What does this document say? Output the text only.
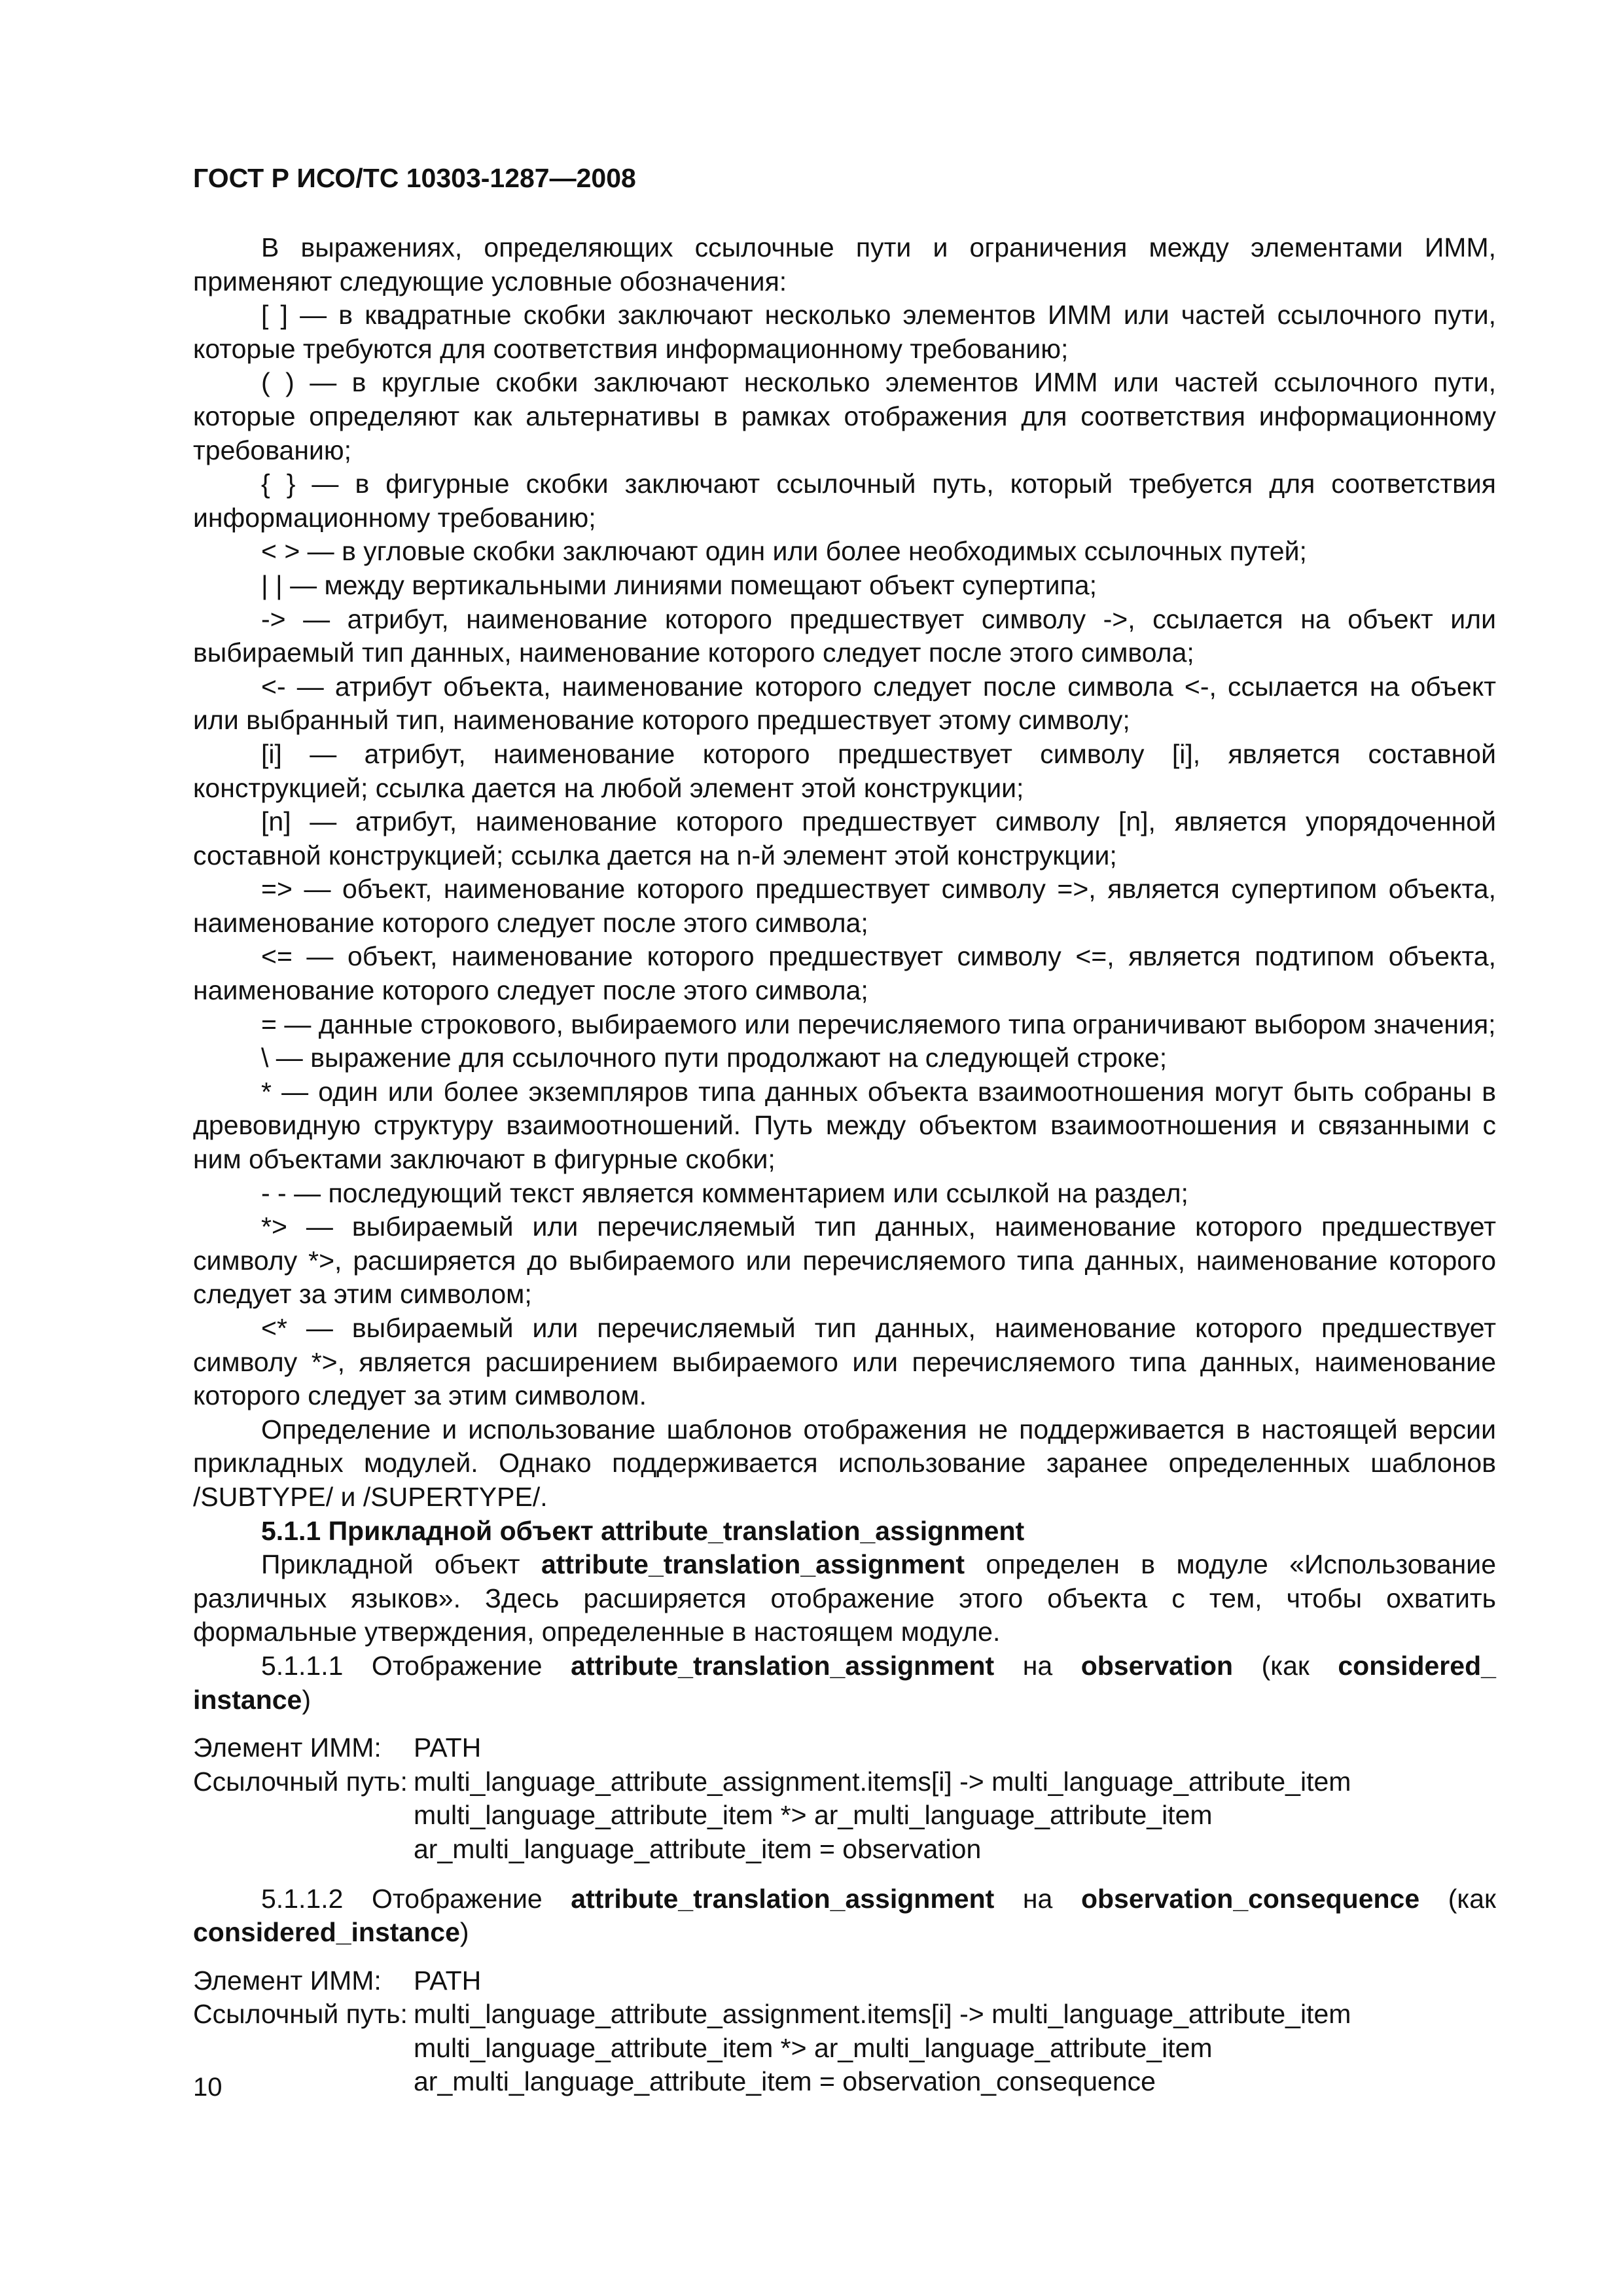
ГОСТ Р ИСО/ТС 10303-1287—2008

В выражениях, определяющих ссылочные пути и ограничения между элементами ИММ, применяют следующие условные обозначения:

[ ] — в квадратные скобки заключают несколько элементов ИММ или частей ссылочного пути, которые требуются для соответствия информационному требованию;

( ) — в круглые скобки заключают несколько элементов ИММ или частей ссылочного пути, которые определяют как альтернативы в рамках отображения для соответствия информационному требованию;

{ } — в фигурные скобки заключают ссылочный путь, который требуется для соответствия информационному требованию;

< > — в угловые скобки заключают один или более необходимых ссылочных путей;

| | — между вертикальными линиями помещают объект супертипа;

-> — атрибут, наименование которого предшествует символу ->, ссылается на объект или выбираемый тип данных, наименование которого следует после этого символа;

<- — атрибут объекта, наименование которого следует после символа <-, ссылается на объект или выбранный тип, наименование которого предшествует этому символу;

[i] — атрибут, наименование которого предшествует символу [i], является составной конструкцией; ссылка дается на любой элемент этой конструкции;

[n] — атрибут, наименование которого предшествует символу [n], является упорядоченной составной конструкцией; ссылка дается на n-й элемент этой конструкции;

=> — объект, наименование которого предшествует символу =>, является супертипом объекта, наименование которого следует после этого символа;

<= — объект, наименование которого предшествует символу <=, является подтипом объекта, наименование которого следует после этого символа;

= — данные строкового, выбираемого или перечисляемого типа ограничивают выбором значения;

\ — выражение для ссылочного пути продолжают на следующей строке;

* — один или более экземпляров типа данных объекта взаимоотношения могут быть собраны в древовидную структуру взаимоотношений. Путь между объектом взаимоотношения и связанными с ним объектами заключают в фигурные скобки;

- - — последующий текст является комментарием или ссылкой на раздел;

*> — выбираемый или перечисляемый тип данных, наименование которого предшествует символу *>, расширяется до выбираемого или перечисляемого типа данных, наименование которого следует за этим символом;

<* — выбираемый или перечисляемый тип данных, наименование которого предшествует символу *>, является расширением выбираемого или перечисляемого типа данных, наименование которого следует за этим символом.

Определение и использование шаблонов отображения не поддерживается в настоящей версии прикладных модулей. Однако поддерживается использование заранее определенных шаблонов /SUBTYPE/ и /SUPERTYPE/.

5.1.1 Прикладной объект attribute_translation_assignment

Прикладной объект attribute_translation_assignment определен в модуле «Использование различных языков». Здесь расширяется отображение этого объекта с тем, чтобы охватить формальные утверждения, определенные в настоящем модуле.

5.1.1.1 Отображение attribute_translation_assignment на observation (как considered_

instance)

Элемент ИММ: PATH
Ссылочный путь: multi_language_attribute_assignment.items[i] -> multi_language_attribute_item
multi_language_attribute_item *> ar_multi_language_attribute_item
ar_multi_language_attribute_item = observation

5.1.1.2 Отображение attribute_translation_assignment на observation_consequence (как

considered_instance)

Элемент ИММ: PATH
Ссылочный путь: multi_language_attribute_assignment.items[i] -> multi_language_attribute_item
multi_language_attribute_item *> ar_multi_language_attribute_item
ar_multi_language_attribute_item = observation_consequence
10
